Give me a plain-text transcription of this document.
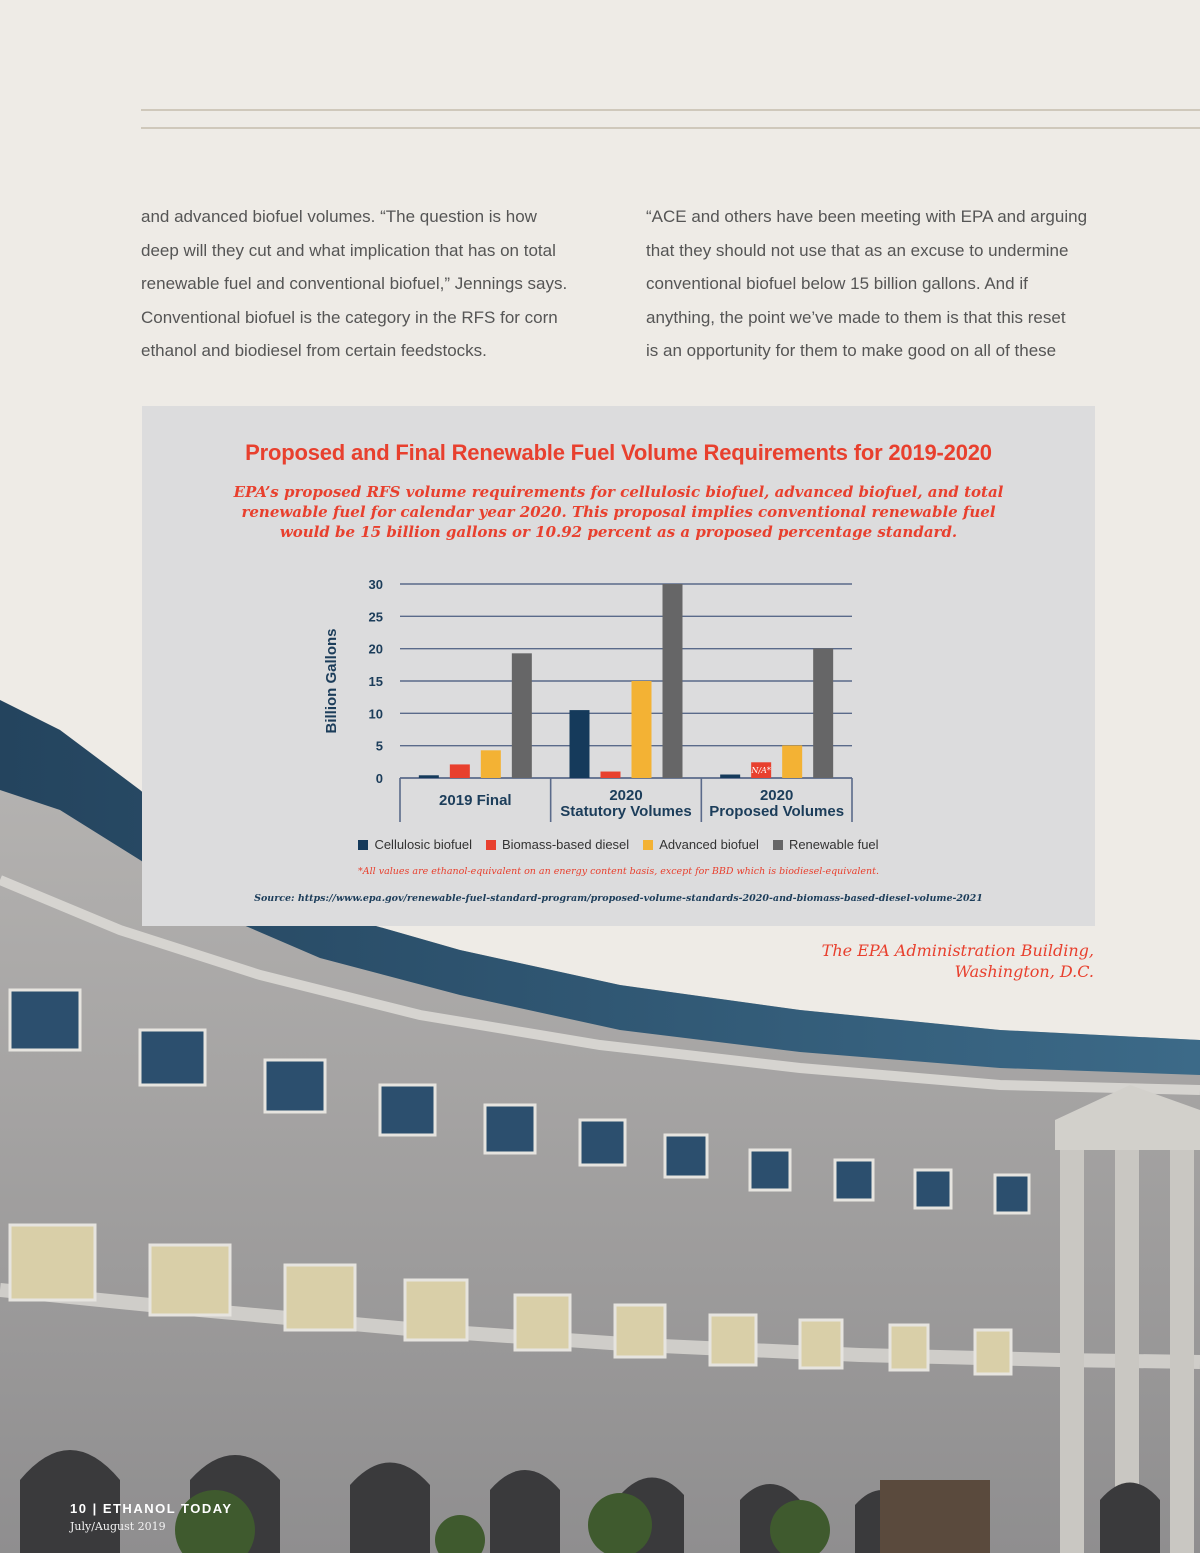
and advanced biofuel volumes. “The question is how

deep will they cut and what implication that has on total

renewable fuel and conventional biofuel,” Jennings says.

Conventional biofuel is the category in the RFS for corn

ethanol and biodiesel from certain feedstocks.

“ACE and others have been meeting with EPA and arguing

that they should not use that as an excuse to undermine

conventional biofuel below 15 billion gallons. And if

anything, the point we’ve made to them is that this reset

is an opportunity for them to make good on all of these

Proposed and Final Renewable Fuel Volume Requirements for 2019-2020
EPA’s proposed RFS volume requirements for cellulosic biofuel, advanced biofuel, and total renewable fuel for calendar year 2020. This proposal implies conventional renewable fuel would be 15 billion gallons or 10.92 percent as a proposed percentage standard.
30
25
20
15
10
5
0
Billion Gallons
2019 Final	2020
Statutory Volumes
N/A*
2020
Proposed Volumes
Cellulosic biofuel Biomass-based diesel Advanced biofuel Renewable fuel
*All values are ethanol-equivalent on an energy content basis, except for BBD which is biodiesel-equivalent.
Source: https://www.epa.gov/renewable-fuel-standard-program/proposed-volume-standards-2020-and-biomass-based-diesel-volume-2021
The EPA Administration Building,
Washington, D.C.
10 | ETHANOL TODAY
July/August 2019
